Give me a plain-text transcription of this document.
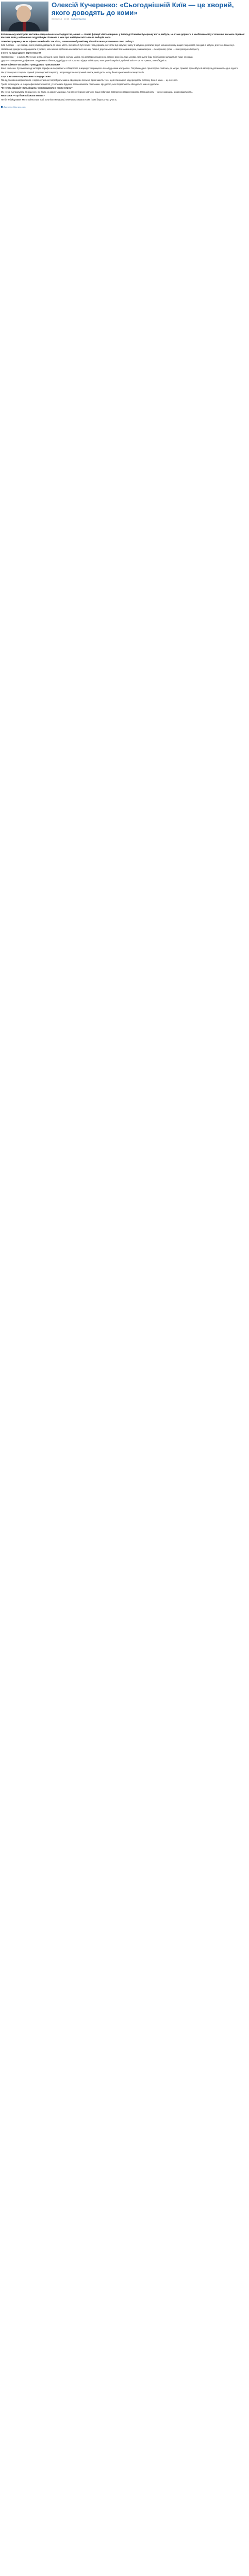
Олексій Кучеренко: «Сьогоднішній Київ — це хворий, якого доводять до коми»
09.06.2014 10:25 Кабмін Україна

Колишньому міністрові житлово-комунального господарства, а нині — голові фракції «Батьківщина» у Київраді Олексію Кучеренку ніхто, мабуть, не стане дорікати в необізнаності у столичних міських справах: він знає Київ у найменших подробицях. Розмова з ним про майбутнє міста після виборів мера.

Олексію Кучеренку, як ви оцінюєте нинішній стан міста, з яким новообраний мер Віталій Кличко розпочинає свою роботу?

Київ сьогодні — це хворий, якого роками доводили до коми. Місто, яке мало б бути обличчям держави, потерпає від корупції, хаосу в забудові, розбитих доріг, зношених комунікацій і бюрократії, яка давно забула, для чого вона існує.

Новій владі доведеться працювати в умовах, коли кожна проблема накладається на іншу. Ремонт доріг неможливий без заміни мереж, заміна мереж — без грошей, гроші — без прозорого бюджету.

З чого, на вашу думку, варто почати?

Насамперед — з аудиту. Місто має знати, скільки в нього боргів, скільки майна, які договори укладено за останні роки і на яких умовах. Без цього будь-які обіцянки залишаться лише словами.

Друге — повернення довіри киян. Люди мають бачити, куди йдуть їхні податки. Відкритий бюджет, електронні закупівлі, публічні звіти — це не примха, а необхідність.

Як ви оцінюєте ситуацію з громадським транспортом?

Вона критична. Рухомий склад застарів, тарифи не покривають собівартості, а маршрутки працюють поза будь-яким контролем. Потрібна єдина транспортна політика, де метро, трамваї, тролейбуси й автобуси доповнюють одне одного.

Ми пропонуємо створити єдиний транспортний оператор і запровадити електронний квиток, який дасть змогу бачити реальний пасажиропотік.

А що з житлово-комунальним господарством?

Понад половина мереж тепло- і водопостачання потребують заміни. Щороку ми латаємо дірки замість того, щоб планомірно модернізувати систему. Кожна зима — це лотерея.

Треба переходити на енергоефективні технології, утеплювати будинки, встановлювати лічильники. Це дорого, але бездіяльність обходиться значно дорожче.

Чи готова фракція «Батьківщина» співпрацювати з новим мером?

Ми готові підтримувати всі рішення, які йдуть на користь киянам. Але ми не будемо мовчати, якщо побачимо повторення старих помилок. Опозиційність — це не самоціль, а відповідальність.

Наостанок — що б ви побажали киянам?

Не бути байдужими. Місто змінюється тоді, коли його мешканці починають вимагати змін і самі беруть у них участь.

Джерело: Kiev-pro.com
